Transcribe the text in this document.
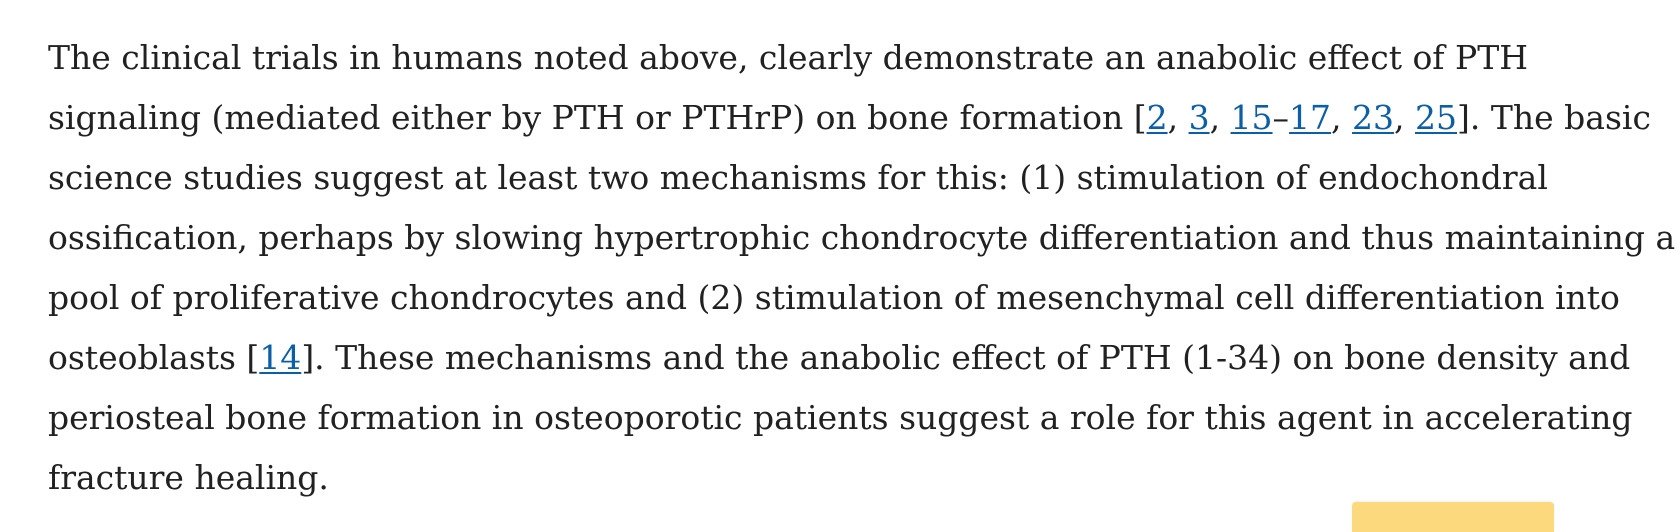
The clinical trials in humans noted above, clearly demonstrate an anabolic effect of PTH
signaling (mediated either by PTH or PTHrP) on bone formation [2, 3, 15–17, 23, 25]. The basic
science studies suggest at least two mechanisms for this: (1) stimulation of endochondral
ossification, perhaps by slowing hypertrophic chondrocyte differentiation and thus maintaining a
pool of proliferative chondrocytes and (2) stimulation of mesenchymal cell differentiation into
osteoblasts [14]. These mechanisms and the anabolic effect of PTH (1-34) on bone density and
periosteal bone formation in osteoporotic patients suggest a role for this agent in accelerating
fracture healing.
